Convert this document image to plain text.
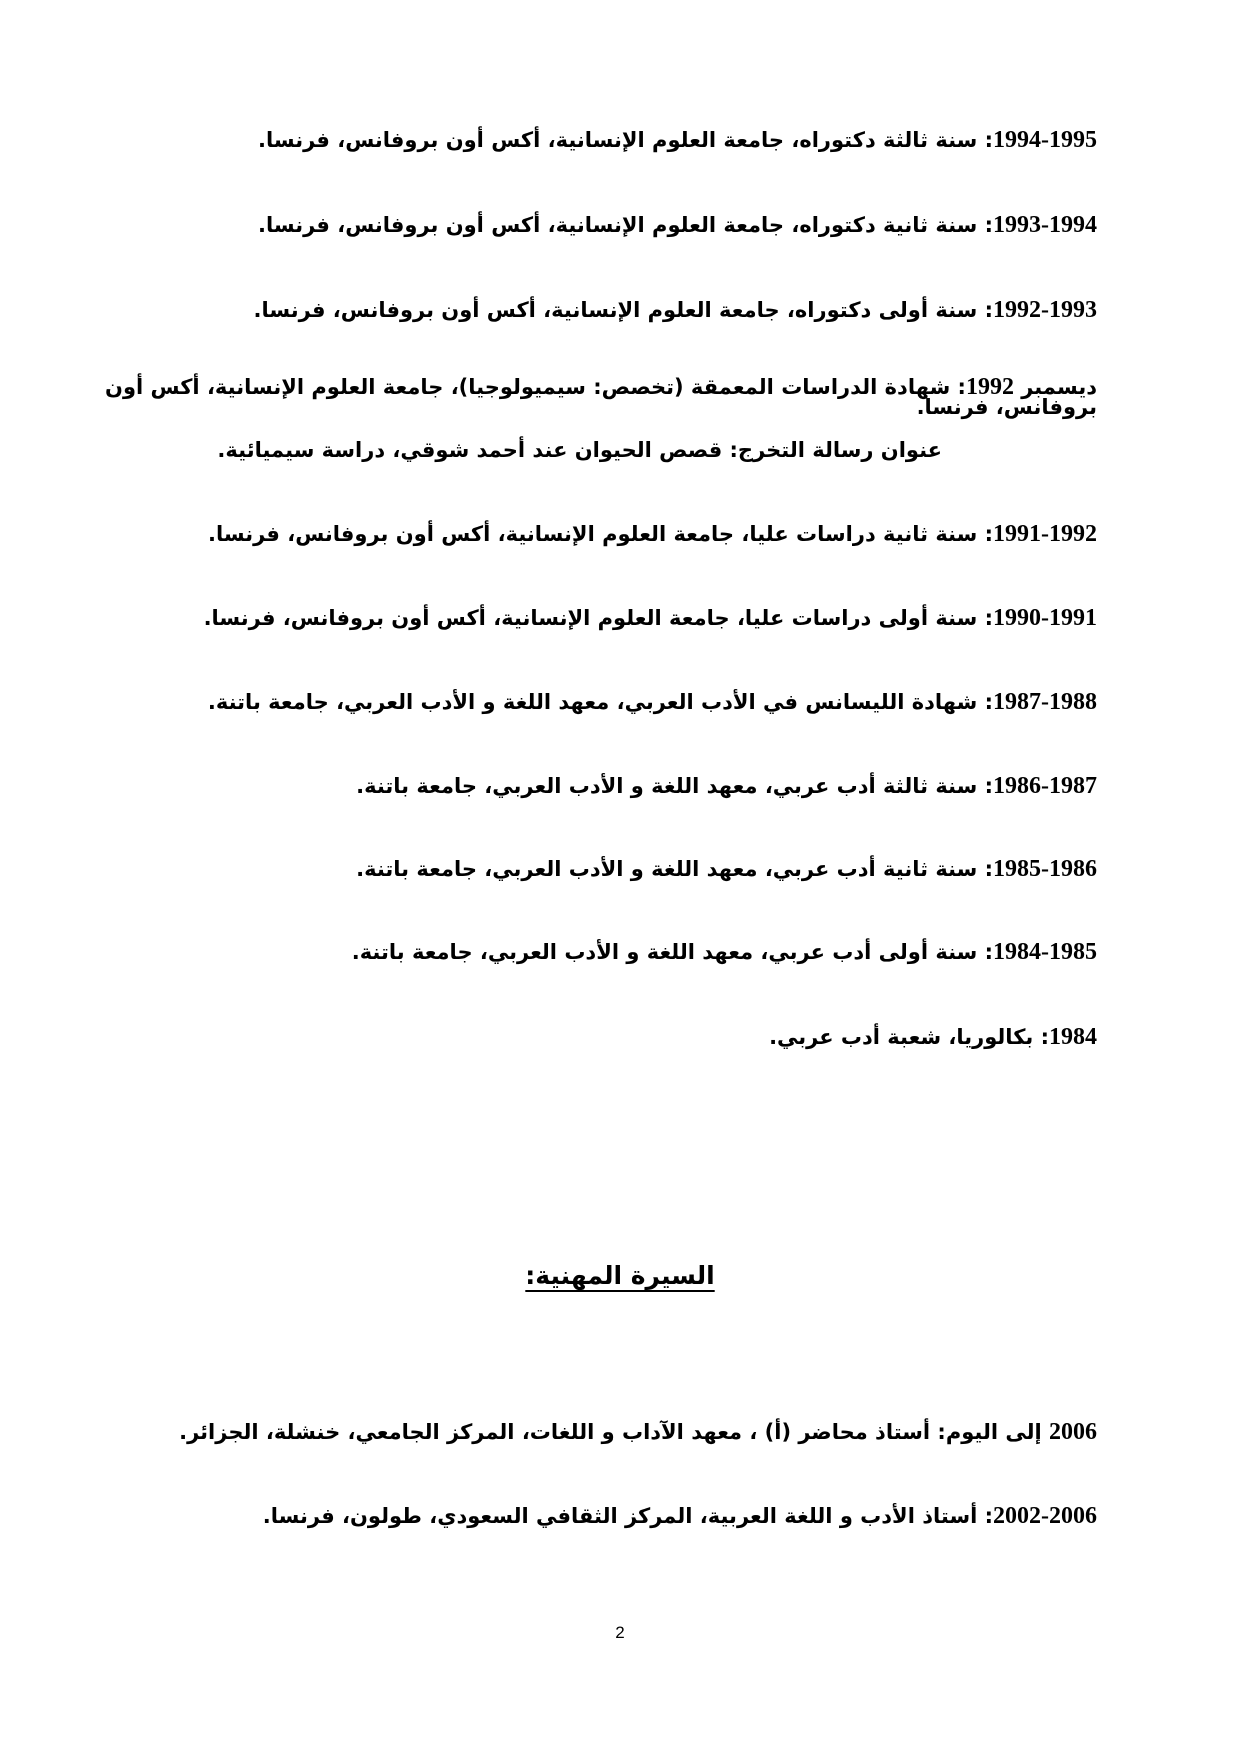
1994-1995: سنة ثالثة دكتوراه، جامعة العلوم الإنسانية، أكس أون بروفانس، فرنسا.
1993-1994: سنة ثانية دكتوراه، جامعة العلوم الإنسانية، أكس أون بروفانس، فرنسا.
1992-1993: سنة أولى دكتوراه، جامعة العلوم الإنسانية، أكس أون بروفانس، فرنسا.
ديسمبر 1992: شهادة الدراسات المعمقة (تخصص: سيميولوجيا)، جامعة العلوم الإنسانية، أكس أون بروفانس، فرنسا.
عنوان رسالة التخرج: قصص الحيوان عند أحمد شوقي، دراسة سيميائية.
1991-1992: سنة ثانية دراسات عليا، جامعة العلوم الإنسانية، أكس أون بروفانس، فرنسا.
1990-1991: سنة أولى دراسات عليا، جامعة العلوم الإنسانية، أكس أون بروفانس، فرنسا.
1987-1988: شهادة الليسانس في الأدب العربي، معهد اللغة و الأدب العربي، جامعة باتنة.
1986-1987: سنة ثالثة أدب عربي، معهد اللغة و الأدب العربي، جامعة باتنة.
1985-1986: سنة ثانية أدب عربي، معهد اللغة و الأدب العربي، جامعة باتنة.
1984-1985: سنة أولى أدب عربي، معهد اللغة و الأدب العربي، جامعة باتنة.
1984: بكالوريا، شعبة أدب عربي.
السيرة المهنية:
2006 إلى اليوم: أستاذ محاضر (أ) ، معهد الآداب و اللغات، المركز الجامعي، خنشلة، الجزائر.
2002-2006: أستاذ الأدب و اللغة العربية، المركز الثقافي السعودي، طولون، فرنسا.
2
